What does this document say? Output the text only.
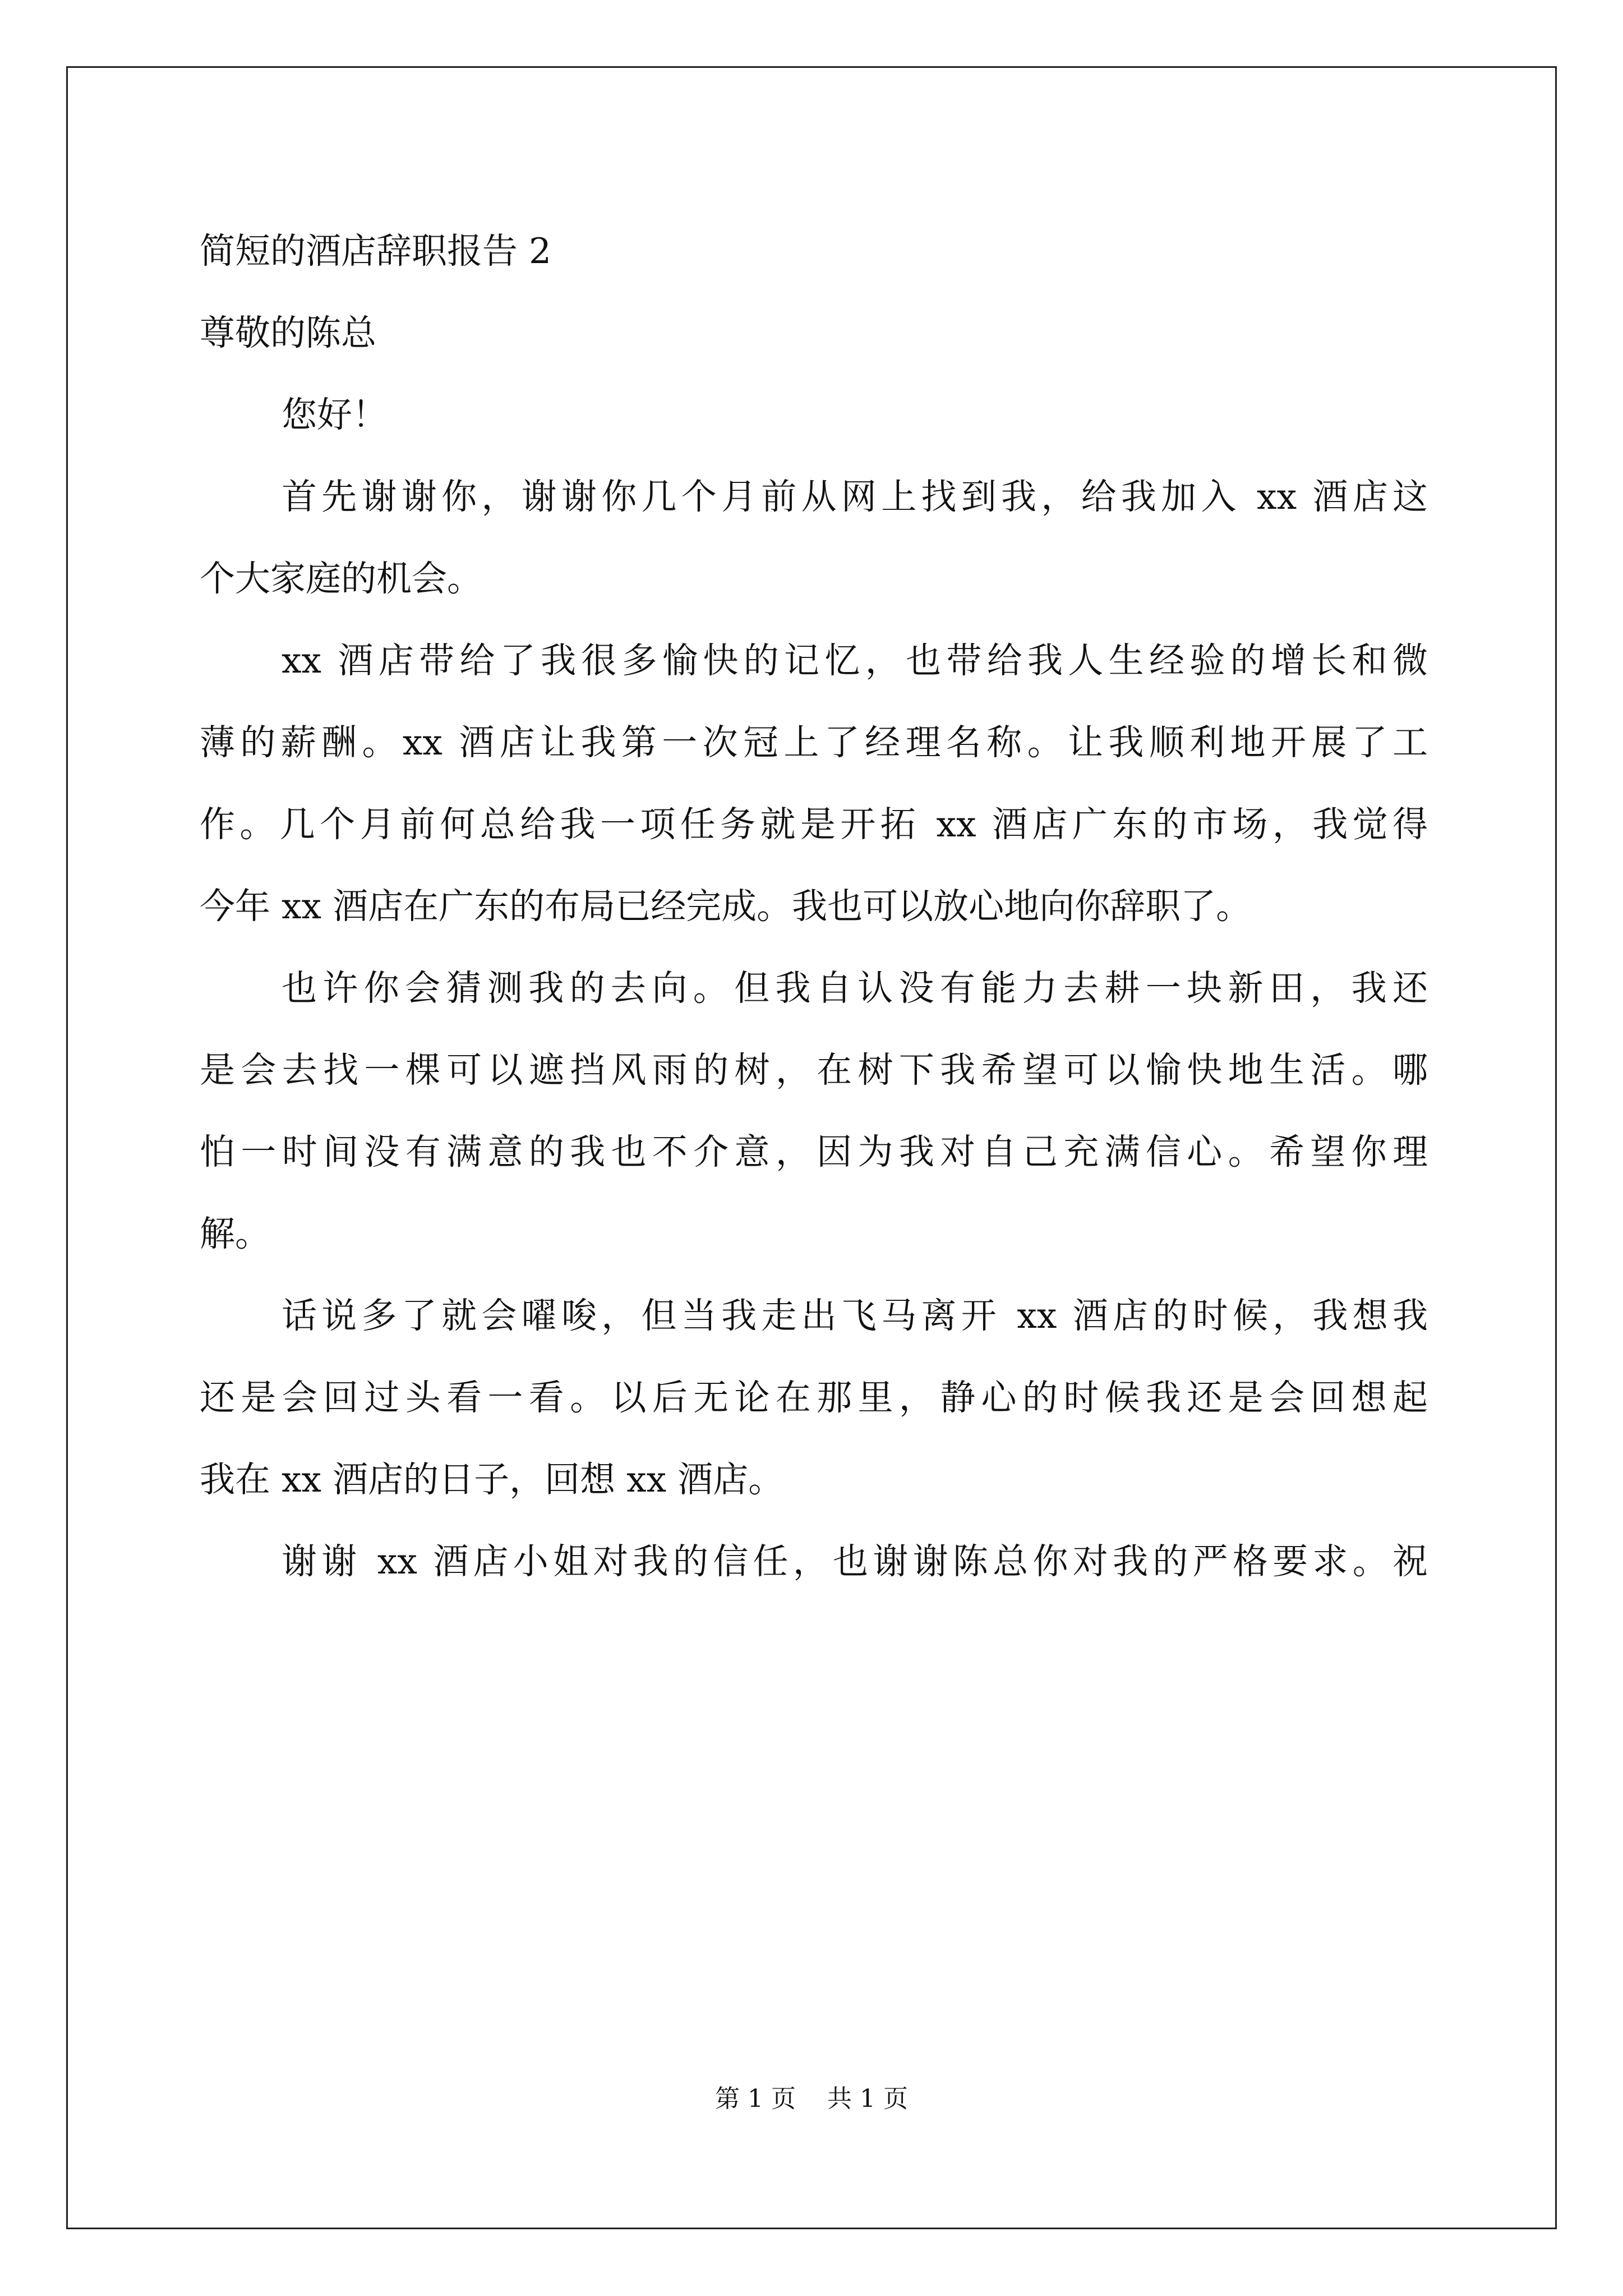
简短的酒店辞职报告 2
尊敬的陈总
您好！
首先谢谢你，谢谢你几个月前从网上找到我，给我加入 xx 酒店这
个大家庭的机会。
xx 酒店带给了我很多愉快的记忆，也带给我人生经验的增长和微
薄的薪酬。xx 酒店让我第一次冠上了经理名称。让我顺利地开展了工
作。几个月前何总给我一项任务就是开拓 xx 酒店广东的市场，我觉得
今年 xx 酒店在广东的布局已经完成。我也可以放心地向你辞职了。
也许你会猜测我的去向。但我自认没有能力去耕一块新田，我还
是会去找一棵可以遮挡风雨的树，在树下我希望可以愉快地生活。哪
怕一时间没有满意的我也不介意，因为我对自己充满信心。希望你理
解。
话说多了就会嚁唆，但当我走出飞马离开 xx 酒店的时候，我想我
还是会回过头看一看。以后无论在那里，静心的时候我还是会回想起
我在 xx 酒店的日子，回想 xx 酒店。
谢谢 xx 酒店小姐对我的信任，也谢谢陈总你对我的严格要求。祝
第 1 页 共 1 页
